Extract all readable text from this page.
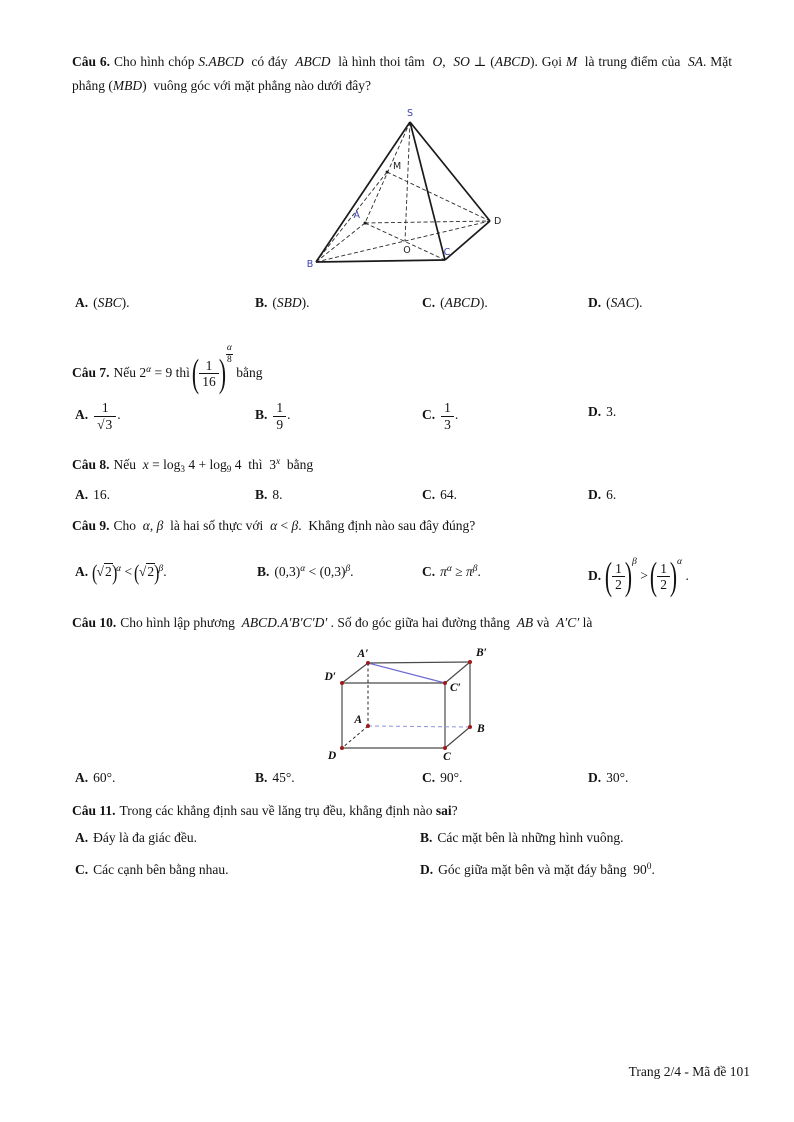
Câu 6. Cho hình chóp S.ABCD  có đáy  ABCD  là hình thoi tâm  O,  SO ⊥ (ABCD). Gọi M  là trung điểm của  SA. Mặt phẳng (MBD)  vuông góc với mặt phẳng nào dưới đây?
S
M
A
B
C
D
O
A. (SBC).	B. (SBD).	C. (ABCD).	D. (SAC).
Câu 7. Nếu $2^\alpha = 9$ thì ( $\frac{1}{16}$ ) $\frac{\alpha}{8}$
bằng
A. $\frac{1}{√3}$ .	B. $\frac{1}{9}$ .	C. $\frac{1}{3}$ .	D. 3.
Câu 8. Nếu  $x = \log_3 4 + \log_9 4$  thì  3$^x$  bằng
A. 16.	B. 8.	C. 64.	D. 6.
Câu 9. Cho  α, β  là hai số thực với  α < β.  Khẳng định nào sau đây đúng?
A. $(√2)^\alpha < (√2)^\beta$.	B. $(0,3)^\alpha < (0,3)^\beta$.	C. $\pi^\alpha \ge \pi^\beta$.	D. ( $\frac{1}{2} )^\beta$ > ( $\frac{1}{2} )^\alpha$ .
Câu 10. Cho hình lập phương  ABCD.A′B′C′D′ . Số đo góc giữa hai đường thẳng  AB và  A′C′ là
A′	B′
D′
C′
A
B
D	C
A. 60°.	B. 45°.	C. 90°.	D. 30°.
Câu 11. Trong các khẳng định sau về lăng trụ đều, khẳng định nào sai?
A. Đáy là đa giác đều.	B. Các mặt bên là những hình vuông.
C. Các cạnh bên bằng nhau.	D. Góc giữa mặt bên và mặt đáy bằng  $90^0$.
Trang 2/4 - Mã đề 101
